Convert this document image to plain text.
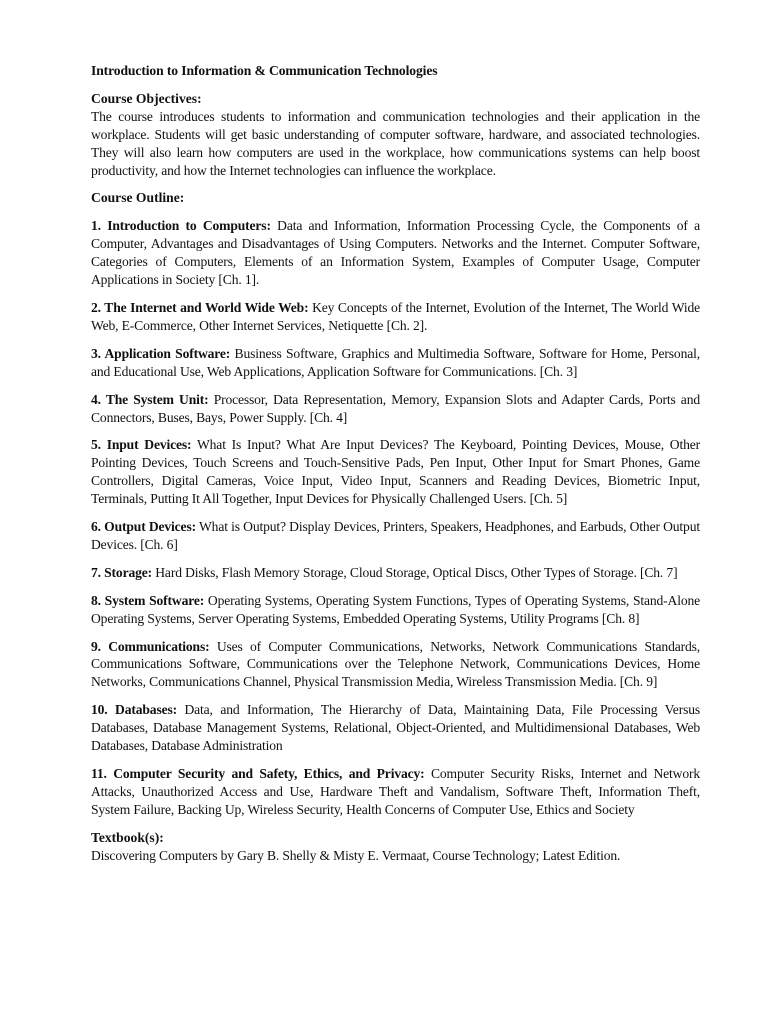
Introduction to Information & Communication Technologies

Course Objectives:

The course introduces students to information and communication technologies and their application in the workplace. Students will get basic understanding of computer software, hardware, and associated technologies. They will also learn how computers are used in the workplace, how communications systems can help boost productivity, and how the Internet technologies can influence the workplace.

Course Outline:

1. Introduction to Computers: Data and Information, Information Processing Cycle, the Components of a Computer, Advantages and Disadvantages of Using Computers. Networks and the Internet. Computer Software, Categories of Computers, Elements of an Information System, Examples of Computer Usage, Computer Applications in Society [Ch. 1].

2. The Internet and World Wide Web: Key Concepts of the Internet, Evolution of the Internet, The World Wide Web, E-Commerce, Other Internet Services, Netiquette [Ch. 2].

3. Application Software: Business Software, Graphics and Multimedia Software, Software for Home, Personal, and Educational Use, Web Applications, Application Software for Communications. [Ch. 3]

4. The System Unit: Processor, Data Representation, Memory, Expansion Slots and Adapter Cards, Ports and Connectors, Buses, Bays, Power Supply. [Ch. 4]

5. Input Devices: What Is Input? What Are Input Devices? The Keyboard, Pointing Devices, Mouse, Other Pointing Devices, Touch Screens and Touch-Sensitive Pads, Pen Input, Other Input for Smart Phones, Game Controllers, Digital Cameras, Voice Input, Video Input, Scanners and Reading Devices, Biometric Input, Terminals, Putting It All Together, Input Devices for Physically Challenged Users. [Ch. 5]

6. Output Devices: What is Output? Display Devices, Printers, Speakers, Headphones, and Earbuds, Other Output Devices. [Ch. 6]

7. Storage: Hard Disks, Flash Memory Storage, Cloud Storage, Optical Discs, Other Types of Storage. [Ch. 7]

8. System Software: Operating Systems, Operating System Functions, Types of Operating Systems, Stand-Alone Operating Systems, Server Operating Systems, Embedded Operating Systems, Utility Programs [Ch. 8]

9. Communications: Uses of Computer Communications, Networks, Network Communications Standards, Communications Software, Communications over the Telephone Network, Communications Devices, Home Networks, Communications Channel, Physical Transmission Media, Wireless Transmission Media. [Ch. 9]

10. Databases: Data, and Information, The Hierarchy of Data, Maintaining Data, File Processing Versus Databases, Database Management Systems, Relational, Object-Oriented, and Multidimensional Databases, Web Databases, Database Administration

11. Computer Security and Safety, Ethics, and Privacy: Computer Security Risks, Internet and Network Attacks, Unauthorized Access and Use, Hardware Theft and Vandalism, Software Theft, Information Theft, System Failure, Backing Up, Wireless Security, Health Concerns of Computer Use, Ethics and Society

Textbook(s):

Discovering Computers by Gary B. Shelly & Misty E. Vermaat, Course Technology; Latest Edition.
